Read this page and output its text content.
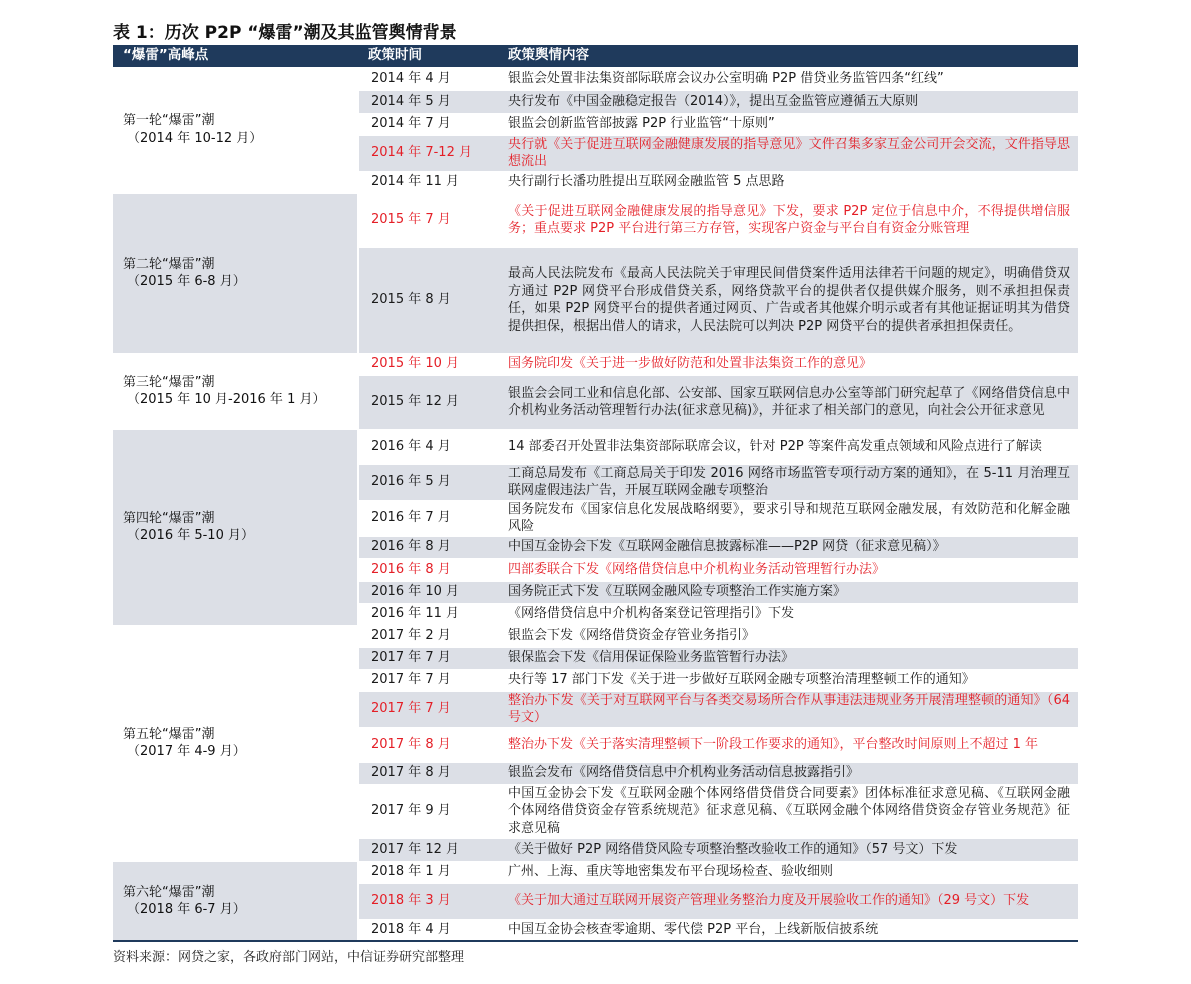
表 1：历次 P2P “爆雷”潮及其监管舆情背景
“爆雷”高峰点	政策时间	政策舆情内容

第一轮“爆雷”潮
（2014 年 10-12 月）	2014 年 4 月	银监会处置非法集资部际联席会议办公室明确 P2P 借贷业务监管四条“红线”
	2014 年 5 月	央行发布《中国金融稳定报告（2014）》，提出互金监管应遵循五大原则
	2014 年 7 月	银监会创新监管部披露 P2P 行业监管“十原则”
	2014 年 7-12 月	央行就《关于促进互联网金融健康发展的指导意见》文件召集多家互金公司开会交流，文件指导思想流出
	2014 年 11 月	央行副行长潘功胜提出互联网金融监管 5 点思路

第二轮“爆雷”潮
（2015 年 6-8 月）	2015 年 7 月	《关于促进互联网金融健康发展的指导意见》下发，要求 P2P 定位于信息中介，不得提供增信服务；重点要求 P2P 平台进行第三方存管，实现客户资金与平台自有资金分账管理
	2015 年 8 月	最高人民法院发布《最高人民法院关于审理民间借贷案件适用法律若干问题的规定》，明确借贷双方通过 P2P 网贷平台形成借贷关系，网络贷款平台的提供者仅提供媒介服务，则不承担担保责任，如果 P2P 网贷平台的提供者通过网页、广告或者其他媒介明示或者有其他证据证明其为借贷提供担保，根据出借人的请求，人民法院可以判决 P2P 网贷平台的提供者承担担保责任。

第三轮“爆雷”潮
（2015 年 10 月-2016 年 1 月）	2015 年 10 月	国务院印发《关于进一步做好防范和处置非法集资工作的意见》
	2015 年 12 月	银监会会同工业和信息化部、公安部、国家互联网信息办公室等部门研究起草了《网络借贷信息中介机构业务活动管理暂行办法(征求意见稿)》，并征求了相关部门的意见，向社会公开征求意见

第四轮“爆雷”潮
（2016 年 5-10 月）	2016 年 4 月	14 部委召开处置非法集资部际联席会议，针对 P2P 等案件高发重点领域和风险点进行了解读
	2016 年 5 月	工商总局发布《工商总局关于印发 2016 网络市场监管专项行动方案的通知》，在 5-11 月治理互联网虚假违法广告，开展互联网金融专项整治
	2016 年 7 月	国务院发布《国家信息化发展战略纲要》，要求引导和规范互联网金融发展，有效防范和化解金融风险
	2016 年 8 月	中国互金协会下发《互联网金融信息披露标准——P2P 网贷（征求意见稿）》
	2016 年 8 月	四部委联合下发《网络借贷信息中介机构业务活动管理暂行办法》
	2016 年 10 月	国务院正式下发《互联网金融风险专项整治工作实施方案》
	2016 年 11 月	《网络借贷信息中介机构备案登记管理指引》下发

第五轮“爆雷”潮
（2017 年 4-9 月）	2017 年 2 月	银监会下发《网络借贷资金存管业务指引》
	2017 年 7 月	银保监会下发《信用保证保险业务监管暂行办法》
	2017 年 7 月	央行等 17 部门下发《关于进一步做好互联网金融专项整治清理整顿工作的通知》
	2017 年 7 月	整治办下发《关于对互联网平台与各类交易场所合作从事违法违规业务开展清理整顿的通知》（64 号文）
	2017 年 8 月	整治办下发《关于落实清理整顿下一阶段工作要求的通知》，平台整改时间原则上不超过 1 年
	2017 年 8 月	银监会发布《网络借贷信息中介机构业务活动信息披露指引》
	2017 年 9 月	中国互金协会下发《互联网金融个体网络借贷借贷合同要素》团体标准征求意见稿、《互联网金融个体网络借贷资金存管系统规范》征求意见稿、《互联网金融个体网络借贷资金存管业务规范》征求意见稿
	2017 年 12 月	《关于做好 P2P 网络借贷风险专项整治整改验收工作的通知》（57 号文）下发

第六轮“爆雷”潮
（2018 年 6-7 月）	2018 年 1 月	广州、上海、重庆等地密集发布平台现场检查、验收细则
	2018 年 3 月	《关于加大通过互联网开展资产管理业务整治力度及开展验收工作的通知》（29 号文）下发
	2018 年 4 月	中国互金协会核查零逾期、零代偿 P2P 平台，上线新版信披系统
资料来源：网贷之家，各政府部门网站，中信证券研究部整理
